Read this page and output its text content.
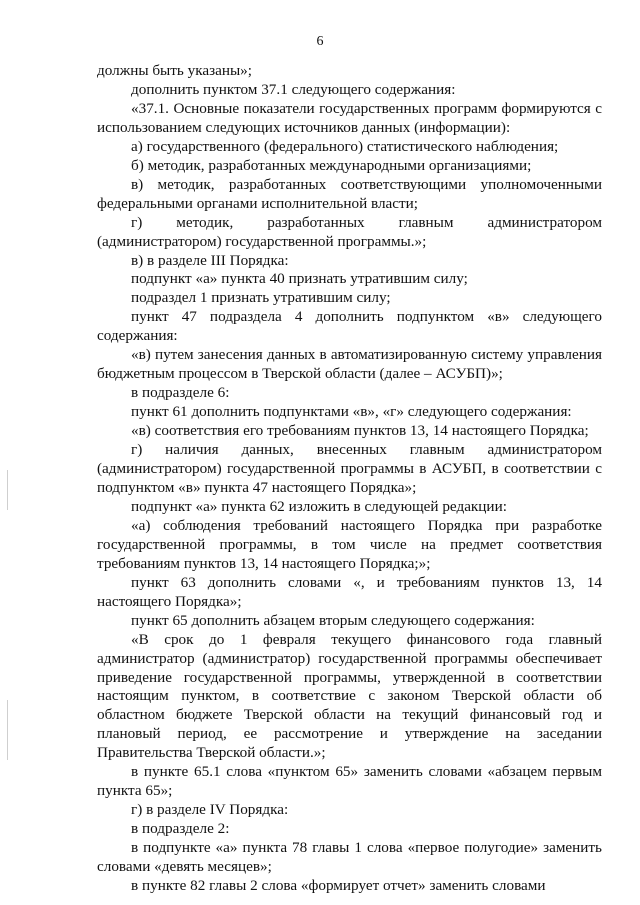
6

должны быть указаны»;

дополнить пунктом 37.1 следующего содержания:

«37.1. Основные показатели государственных программ формируются с использованием следующих источников данных (информации):

а) государственного (федерального) статистического наблюдения;

б) методик, разработанных международными организациями;

в) методик, разработанных соответствующими уполномоченными федеральными органами исполнительной власти;

г) методик, разработанных главным администратором (администратором) государственной программы.»;

в) в разделе III Порядка:

подпункт «а» пункта 40 признать утратившим силу;

подраздел 1 признать утратившим силу;

пункт 47 подраздела 4 дополнить подпунктом «в» следующего содержания:

«в) путем занесения данных в автоматизированную систему управления бюджетным процессом в Тверской области (далее – АСУБП)»;

в подразделе 6:

пункт 61 дополнить подпунктами «в», «г» следующего содержания:

«в) соответствия его требованиям пунктов 13, 14 настоящего Порядка;

г) наличия данных, внесенных главным администратором (администратором) государственной программы в АСУБП, в соответствии с подпунктом «в» пункта 47 настоящего Порядка»;

подпункт «а» пункта 62 изложить в следующей редакции:

«а) соблюдения требований настоящего Порядка при разработке государственной программы, в том числе на предмет соответствия требованиям пунктов 13, 14 настоящего Порядка;»;

пункт 63 дополнить словами «, и требованиям пунктов 13, 14 настоящего Порядка»;

пункт 65 дополнить абзацем вторым следующего содержания:

«В срок до 1 февраля текущего финансового года главный администратор (администратор) государственной программы обеспечивает приведение государственной программы, утвержденной в соответствии настоящим пунктом, в соответствие с законом Тверской области об областном бюджете Тверской области на текущий финансовый год и плановый период, ее рассмотрение и утверждение на заседании Правительства Тверской области.»;

в пункте 65.1 слова «пунктом 65» заменить словами «абзацем первым пункта 65»;

г) в разделе IV Порядка:

в подразделе 2:

в подпункте «а» пункта 78 главы 1 слова «первое полугодие» заменить словами «девять месяцев»;

в пункте 82 главы 2 слова «формирует отчет» заменить словами
